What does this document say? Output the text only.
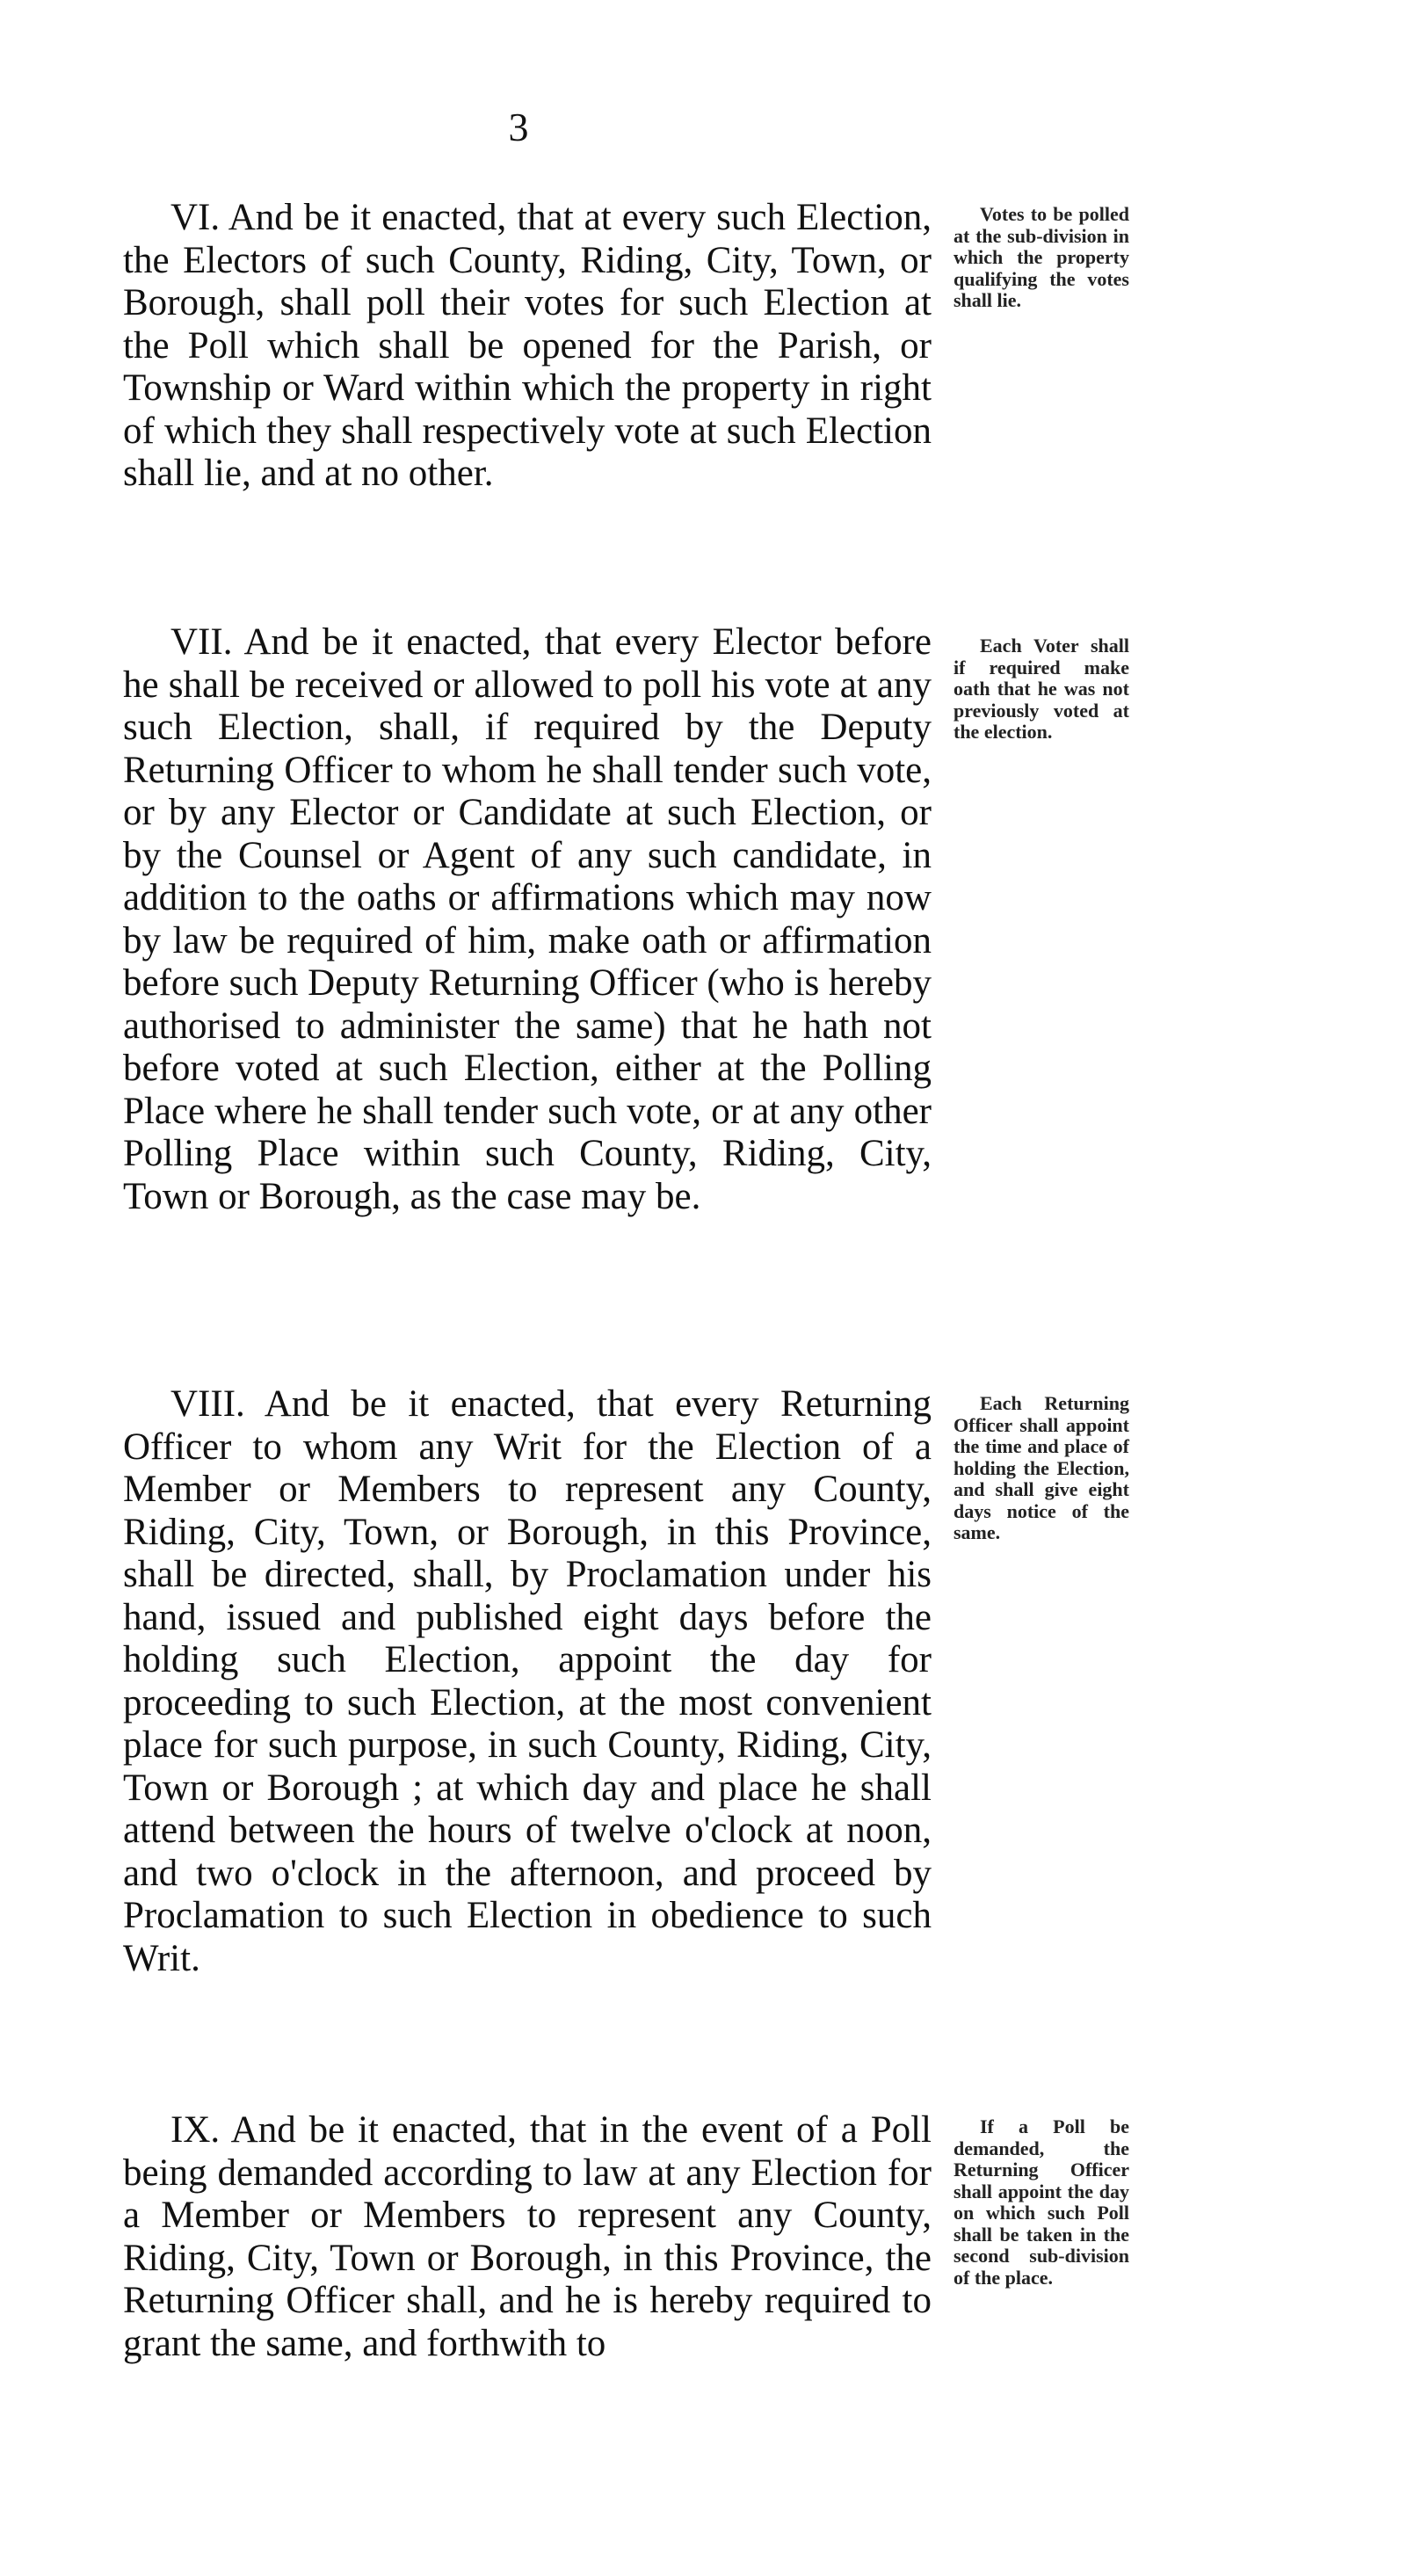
3
VI. And be it enacted, that at every such Election, the Electors of such County, Riding, City, Town, or Borough, shall poll their votes for such Election at the Poll which shall be opened for the Parish, or Township or Ward within which the property in right of which they shall respectively vote at such Election shall lie, and at no other.
Votes to be polled at the sub-division in which the property qualifying the votes shall lie.
VII. And be it enacted, that every Elector before he shall be received or allowed to poll his vote at any such Election, shall, if required by the Deputy Returning Officer to whom he shall tender such vote, or by any Elector or Candidate at such Election, or by the Counsel or Agent of any such candidate, in addition to the oaths or affirmations which may now by law be required of him, make oath or affirmation before such Deputy Returning Officer (who is hereby authorised to administer the same) that he hath not before voted at such Election, either at the Polling Place where he shall tender such vote, or at any other Polling Place within such County, Riding, City, Town or Borough, as the case may be.
Each Voter shall if required make oath that he was not previously voted at the election.
VIII. And be it enacted, that every Returning Officer to whom any Writ for the Election of a Member or Members to represent any County, Riding, City, Town, or Borough, in this Province, shall be directed, shall, by Proclamation under his hand, issued and published eight days before the holding such Election, appoint the day for proceeding to such Election, at the most convenient place for such purpose, in such County, Riding, City, Town or Borough ; at which day and place he shall attend between the hours of twelve o'clock at noon, and two o'clock in the afternoon, and proceed by Proclamation to such Election in obedience to such Writ.
Each Returning Officer shall appoint the time and place of holding the Election, and shall give eight days notice of the same.
IX. And be it enacted, that in the event of a Poll being demanded according to law at any Election for a Member or Members to represent any County, Riding, City, Town or Borough, in this Province, the Returning Officer shall, and he is hereby required to grant the same, and forthwith to
If a Poll be demanded, the Returning Officer shall appoint the day on which such Poll shall be taken in the second sub-division of the place.
